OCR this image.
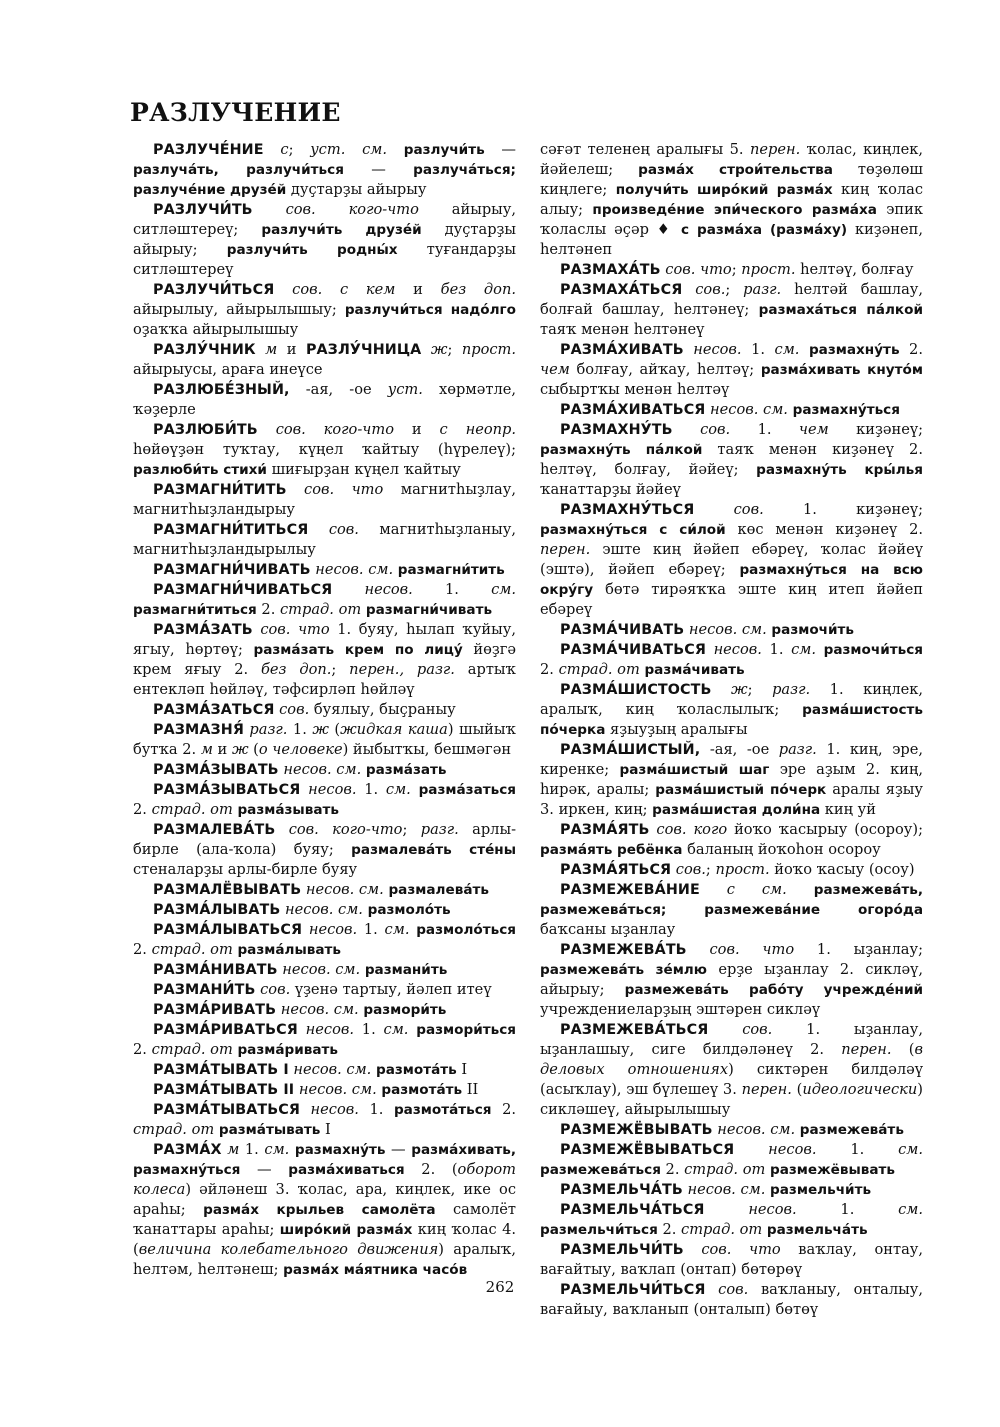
РАЗЛУЧЕНИЕ

РАЗЛУЧЕ́НИЕ с; уст. см. разлучи́ть — разлуча́ть, разлучи́ться — разлуча́ться; разлуче́ние друзе́й дуҫтарҙы айырыу

РАЗЛУЧИ́ТЬ сов. кого-что айырыу, ситләштереү; разлучи́ть друзе́й дуҫтарҙы айырыу; разлучи́ть родны́х туғандарҙы ситләштереү

РАЗЛУЧИ́ТЬСЯ сов. с кем и без доп. айырылыу, айырылышыу; разлучи́ться надо́лго оҙаҡҡа айырылышыу

РАЗЛУ́ЧНИК м и РАЗЛУ́ЧНИЦА ж; прост. айырыусы, араға инеүсе

РАЗЛЮБЕ́ЗНЫЙ, -ая, -ое уст. хөрмәтле, ҡәҙерле

РАЗЛЮБИ́ТЬ сов. кого-что и с неопр. һөйөүҙән туҡтау, күңел ҡайтыу (һүрелеү); разлюби́ть стихи́ шиғырҙан күңел ҡайтыу

РАЗМАГНИ́ТИТЬ сов. что магнитһыҙлау, магнитһыҙландырыу

РАЗМАГНИ́ТИТЬСЯ сов. магнитһыҙланыу, магнитһыҙландырылыу

РАЗМАГНИ́ЧИВАТЬ несов. см. размагни́тить

РАЗМАГНИ́ЧИВАТЬСЯ несов. 1. см. размагни́титься 2. страд. от размагни́чивать

РАЗМА́ЗАТЬ сов. что 1. буяу, һылап ҡуйыу, ягыу, һөртөү; разма́зать крем по лицу́ йөҙгә крем яғыу 2. без доп.; перен., разг. артыҡ ентекләп һөйләү, тәфсирләп һөйләү

РАЗМА́ЗАТЬСЯ сов. буялыу, быҫраныу

РАЗМАЗНЯ́ разг. 1. ж (жидкая каша) шыйыҡ бутҡа 2. м и ж (о человеке) йыбытҡы, бешмәгән

РАЗМА́ЗЫВАТЬ несов. см. разма́зать

РАЗМА́ЗЫВАТЬСЯ несов. 1. см. разма́заться 2. страд. от разма́зывать

РАЗМАЛЕВА́ТЬ сов. кого-что; разг. арлы-бирле (ала-ҡола) буяу; размалева́ть сте́ны стеналарҙы арлы-бирле буяу

РАЗМАЛЁВЫВАТЬ несов. см. размалева́ть

РАЗМА́ЛЫВАТЬ несов. см. размоло́ть

РАЗМА́ЛЫВАТЬСЯ несов. 1. см. размоло́ться 2. страд. от разма́лывать

РАЗМА́НИВАТЬ несов. см. размани́ть

РАЗМАНИ́ТЬ сов. үҙенә тартыу, йәлеп итеү

РАЗМА́РИВАТЬ несов. см. размори́ть

РАЗМА́РИВАТЬСЯ несов. 1. см. размори́ться 2. страд. от разма́ривать

РАЗМА́ТЫВАТЬ I несов. см. размота́ть I

РАЗМА́ТЫВАТЬ II несов. см. размота́ть II

РАЗМА́ТЫВАТЬСЯ несов. 1. размота́ться 2. страд. от разма́тывать I

РАЗМА́Х м 1. см. размахну́ть — разма́хивать, размахну́ться — разма́хиваться 2. (оборот колеса) әйләнеш 3. ҡолас, ара, киңлек, ике ос араһы; разма́х крыльев самолёта самолёт ҡанаттары араһы; широ́кий разма́х киң ҡолас 4. (величина колебательного движения) аралыҡ, һелтәм, һелтәнеш; разма́х ма́ятника часо́в

сәғәт теленең аралығы 5. перен. ҡолас, киңлек, йәйелеш; разма́х строи́тельства төҙөлөш киңлеге; получи́ть широ́кий разма́х киң ҡолас алыу; произведе́ние эпи́ческого разма́ха эпик ҡоласлы әҫәр ♦ с разма́ха (разма́ху) киҙәнеп, һелтәнеп

РАЗМАХА́ТЬ сов. что; прост. һелтәү, болғау

РАЗМАХА́ТЬСЯ сов.; разг. һелтәй башлау, болғай башлау, һелтәнеү; размаха́ться па́лкой таяҡ менән һелтәнеү

РАЗМА́ХИВАТЬ несов. 1. см. размахну́ть 2. чем болғау, айҡау, һелтәү; разма́хивать кнуто́м сыбыртҡы менән һелтәү

РАЗМА́ХИВАТЬСЯ несов. см. размахну́ться

РАЗМАХНУ́ТЬ сов. 1. чем киҙәнеү; размахну́ть па́лкой таяҡ менән киҙәнеү 2. һелтәү, болғау, йәйеү; размахну́ть кры́лья ҡанаттарҙы йәйеү

РАЗМАХНУ́ТЬСЯ	сов. 1. киҙәнеү; размахну́ться с си́лой көс менән киҙәнеү 2. перен. эште киң йәйеп ебәреү, ҡолас йәйеү (эштә), йәйеп ебәреү; размахну́ться на всю окру́гу бөтә тирәяҡҡа эште киң итеп йәйеп ебәреү

РАЗМА́ЧИВАТЬ несов. см. размочи́ть

РАЗМА́ЧИВАТЬСЯ несов. 1. см. размочи́ться 2. страд. от разма́чивать

РАЗМА́ШИСТОСТЬ ж; разг. 1. киңлек, аралыҡ, киң ҡоласлылыҡ; разма́шистость по́черка яҙыуҙың аралығы

РАЗМА́ШИСТЫЙ, -ая, -ое разг. 1. киң, эре, киренке; разма́шистый шаг эре аҙым 2. киң, һирәк, аралы; разма́шистый по́черк аралы яҙыу 3. иркен, киң; разма́шистая доли́на киң уй

РАЗМА́ЯТЬ сов. кого йоҡо ҡасырыу (осороу); разма́ять ребёнка баланың йоҡоһон осороу

РАЗМА́ЯТЬСЯ сов.; прост. йоҡо ҡасыу (осоу)

РАЗМЕЖЕВА́НИЕ с см. размежева́ть, размежева́ться; размежева́ние огоро́да баҡсаны ыҙанлау

РАЗМЕЖЕВА́ТЬ сов. что 1. ыҙанлау; размежева́ть зе́млю ерҙе ыҙанлау 2. сикләү, айырыу; размежева́ть рабо́ту учрежде́ний учреждениеларҙың эштәрен сикләү

РАЗМЕЖЕВА́ТЬСЯ сов. 1. ыҙанлау, ыҙанлашыу, сиге билдәләнеү 2. перен. (в деловых отношениях) сиктәрен билдәләү (асыҡлау), эш бүлешеү 3. перен. (идеологически) сикләшеү, айырылышыу

РАЗМЕЖЁВЫВАТЬ несов. см. размежева́ть

РАЗМЕЖЁВЫВАТЬСЯ несов. 1. см. размежева́ться 2. страд. от размежёвывать

РАЗМЕЛЬЧА́ТЬ несов. см. размельчи́ть

РАЗМЕЛЬЧА́ТЬСЯ	несов. 1. см. размельчи́ться 2. страд. от размельча́ть

РАЗМЕЛЬЧИ́ТЬ сов. что ваҡлау, онтау, вағайтыу, ваҡлап (онтап) бөтөрөү

РАЗМЕЛЬЧИ́ТЬСЯ сов. ваҡланыу, онталыу, вағайыу, ваҡланып (онталып) бөтөү

262
